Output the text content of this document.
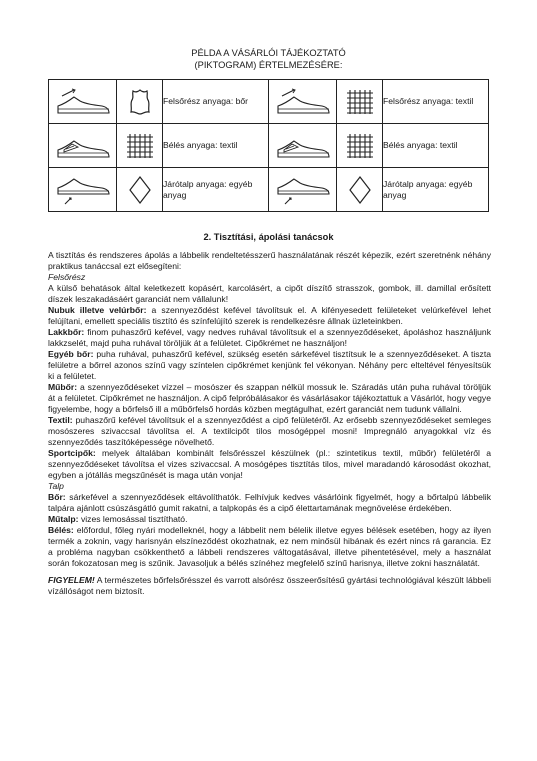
PÉLDA A VÁSÁRLÓI TÁJÉKOZTATÓ
(PIKTOGRAM) ÉRTELMEZÉSÉRE:

	Felsőrész anyaga: bőr			Felsőrész anyaga: textil

	Bélés anyaga: textil			Bélés anyaga: textil

	Járótalp anyaga: egyéb anyag			Járótalp anyaga: egyéb anyag
2. Tisztítási, ápolási tanácsok

A tisztítás és rendszeres ápolás a lábbelik rendeltetésszerű használatának részét képezik, ezért szeretnénk néhány praktikus tanáccsal ezt elősegíteni:

Felsőrész

A külső behatások által keletkezett kopásért, karcolásért, a cipőt díszítő strasszok, gombok, ill. damillal erősített díszek leszakadásáért garanciát nem vállalunk!

Nubuk illetve velúrbőr: a szennyeződést kefével távolítsuk el. A kifényesedett felületeket velúrkefével lehet felújítani, emellett speciális tisztító és színfelújító szerek is rendelkezésre állnak üzleteinkben.

Lakkbőr: finom puhaszőrű kefével, vagy nedves ruhával távolítsuk el a szennyeződéseket, ápoláshoz használjunk lakkzselét, majd puha ruhával töröljük át a felületet. Cipőkrémet ne használjon!

Egyéb bőr: puha ruhával, puhaszőrű kefével, szükség esetén sárkefével tisztítsuk le a szennyeződéseket. A tiszta felületre a bőrrel azonos színű vagy színtelen cipőkrémet kenjünk fel vékonyan. Néhány perc elteltével fényesítsük ki a felületet.

Műbőr: a szennyeződéseket vízzel – mosószer és szappan nélkül mossuk le. Száradás után puha ruhával töröljük át a felületet. Cipőkrémet ne használjon. A cipő felpróbálásakor és vásárlásakor tájékoztattuk a Vásárlót, hogy vegye figyelembe, hogy a bőrfelső ill a műbőrfelső hordás közben megtágulhat, ezért garanciát nem tudunk vállalni.

Textil: puhaszőrű kefével távolítsuk el a szennyeződést a cipő felületéről. Az erősebb szennyeződéseket semleges mosószeres szivaccsal távolítsa el. A textilcipőt tilos mosógéppel mosni! Impregnáló anyagokkal víz és szennyeződés taszítóképessége növelhető.

Sportcipők: melyek általában kombinált felsőrésszel készülnek (pl.: szintetikus textil, műbőr) felületéről a szennyeződéseket távolítsa el vizes szivaccsal. A mosógépes tisztítás tilos, mivel maradandó károsodást okozhat, egyben a jótállás megszűnését is maga után vonja!

Talp

Bőr: sárkefével a szennyeződések eltávolíthatók. Felhívjuk kedves vásárlóink figyelmét, hogy a bőrtalpú lábbelik talpára ajánlott csúszásgátló gumit rakatni, a talpkopás és a cipő élettartamának megnövelése érdekében.

Műtalp: vizes lemosással tisztítható.

Bélés: előfordul, főleg nyári modelleknél, hogy a lábbelit nem bélelik illetve egyes bélések esetében, hogy az ilyen termék a zoknin, vagy harisnyán elszíneződést okozhatnak, ez nem minősül hibának és ezért nincs rá garancia. Ez a probléma nagyban csökkenthető a lábbeli rendszeres váltogatásával, illetve pihentetésével, mely a használat során fokozatosan meg is szűnik. Javasoljuk a bélés színéhez megfelelő színű harisnya, illetve zokni használatát.

FIGYELEM! A természetes bőrfelsőrésszel és varrott alsórész összeerősítésű gyártási technológiával készült lábbeli vízállóságot nem biztosít.
